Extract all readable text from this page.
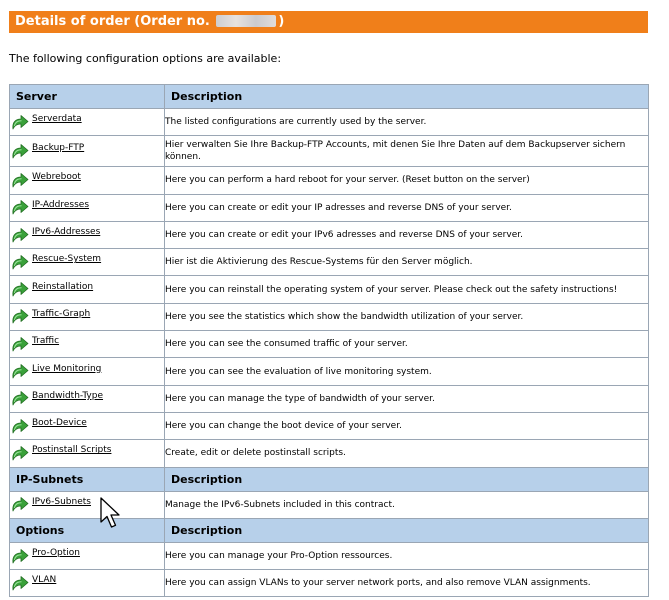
Details of order (Order no.	)
The following configuration options are available:
Server	Description
Serverdata	The listed configurations are currently used by the server.
Backup-FTP	Hier verwalten Sie Ihre Backup-FTP Accounts, mit denen Sie Ihre Daten auf dem Backupserver sichern können.
Webreboot	Here you can perform a hard reboot for your server. (Reset button on the server)
IP-Addresses	Here you can create or edit your IP adresses and reverse DNS of your server.
IPv6-Addresses	Here you can create or edit your IPv6 adresses and reverse DNS of your server.
Rescue-System	Hier ist die Aktivierung des Rescue-Systems für den Server möglich.
Reinstallation	Here you can reinstall the operating system of your server. Please check out the safety instructions!
Traffic-Graph	Here you see the statistics which show the bandwidth utilization of your server.
Traffic	Here you can see the consumed traffic of your server.
Live Monitoring	Here you can see the evaluation of live monitoring system.
Bandwidth-Type	Here you can manage the type of bandwidth of your server.
Boot-Device	Here you can change the boot device of your server.
Postinstall Scripts	Create, edit or delete postinstall scripts.
IP-Subnets	Description
IPv6-Subnets	Manage the IPv6-Subnets included in this contract.
Options	Description
Pro-Option	Here you can manage your Pro-Option ressources.
VLAN	Here you can assign VLANs to your server network ports, and also remove VLAN assignments.
